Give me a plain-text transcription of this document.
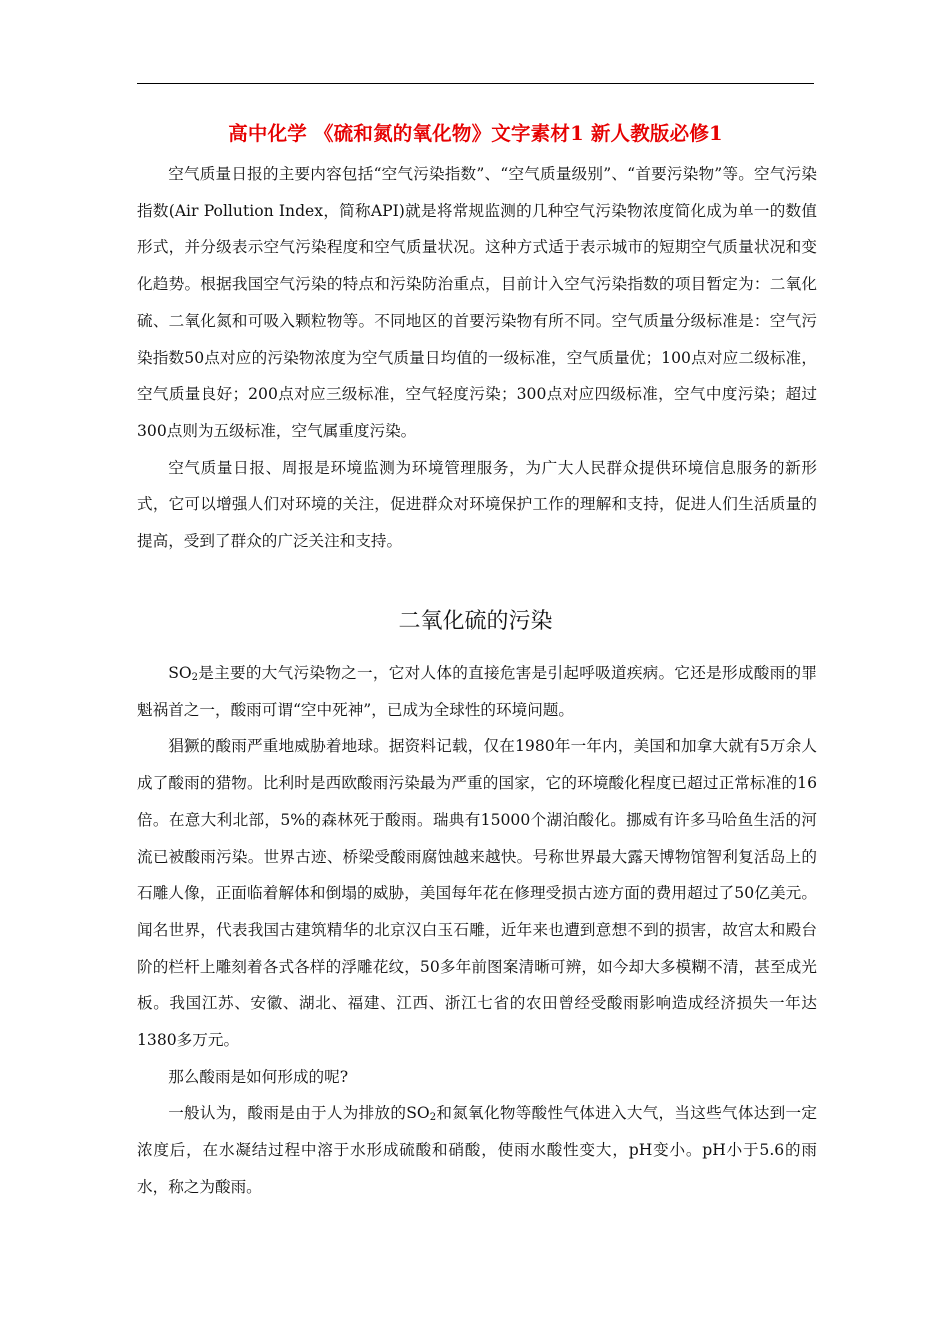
高中化学 《硫和氮的氧化物》文字素材1 新人教版必修1

空气质量日报的主要内容包括“空气污染指数”、“空气质量级别”、“首要污染物”等。空气污染指数(Air Pollution Index，简称API)就是将常规监测的几种空气污染物浓度简化成为单一的数值形式，并分级表示空气污染程度和空气质量状况。这种方式适于表示城市的短期空气质量状况和变化趋势。根据我国空气污染的特点和污染防治重点，目前计入空气污染指数的项目暂定为：二氧化硫、二氧化氮和可吸入颗粒物等。不同地区的首要污染物有所不同。空气质量分级标准是：空气污染指数50点对应的污染物浓度为空气质量日均值的一级标准，空气质量优；100点对应二级标准，空气质量良好；200点对应三级标准，空气轻度污染；300点对应四级标准，空气中度污染；超过300点则为五级标准，空气属重度污染。

空气质量日报、周报是环境监测为环境管理服务，为广大人民群众提供环境信息服务的新形式，它可以增强人们对环境的关注，促进群众对环境保护工作的理解和支持，促进人们生活质量的提高，受到了群众的广泛关注和支持。

二氧化硫的污染

$SO_2$是主要的大气污染物之一，它对人体的直接危害是引起呼吸道疾病。它还是形成酸雨的罪魁祸首之一，酸雨可谓“空中死神”，已成为全球性的环境问题。

猖獗的酸雨严重地威胁着地球。据资料记载，仅在1980年一年内，美国和加拿大就有5万余人成了酸雨的猎物。比利时是西欧酸雨污染最为严重的国家，它的环境酸化程度已超过正常标准的16倍。在意大利北部，5%的森林死于酸雨。瑞典有15000个湖泊酸化。挪威有许多马哈鱼生活的河流已被酸雨污染。世界古迹、桥梁受酸雨腐蚀越来越快。号称世界最大露天博物馆智利复活岛上的石雕人像，正面临着解体和倒塌的威胁，美国每年花在修理受损古迹方面的费用超过了50亿美元。闻名世界，代表我国古建筑精华的北京汉白玉石雕，近年来也遭到意想不到的损害，故宫太和殿台阶的栏杆上雕刻着各式各样的浮雕花纹，50多年前图案清晰可辨，如今却大多模糊不清，甚至成光板。我国江苏、安徽、湖北、福建、江西、浙江七省的农田曾经受酸雨影响造成经济损失一年达1380多万元。

那么酸雨是如何形成的呢?

一般认为，酸雨是由于人为排放的$SO_2$和氮氧化物等酸性气体进入大气，当这些气体达到一定浓度后，在水凝结过程中溶于水形成硫酸和硝酸，使雨水酸性变大，pH变小。pH小于5.6的雨水，称之为酸雨。
